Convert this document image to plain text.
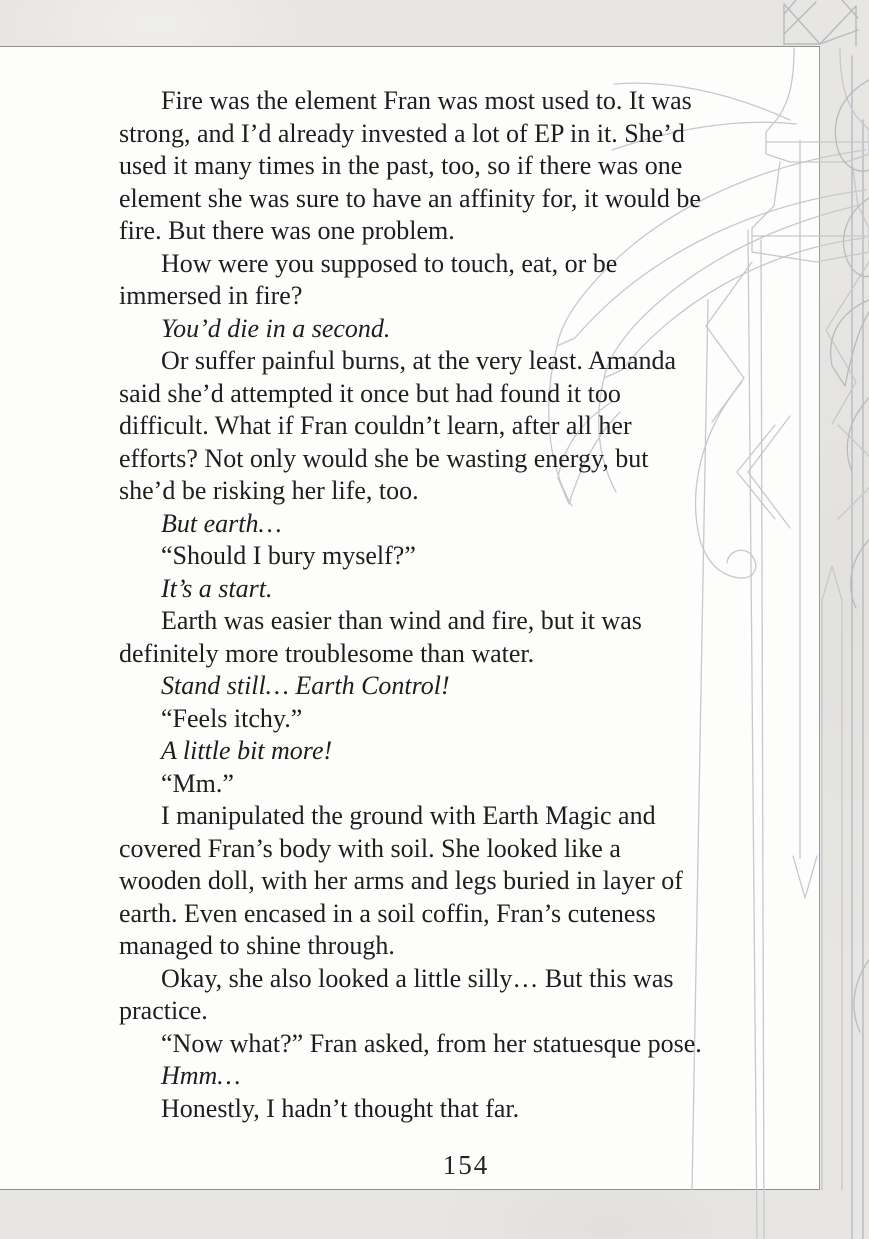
Fire was the element Fran was most used to. It was
strong, and I’d already invested a lot of EP in it. She’d
used it many times in the past, too, so if there was one
element she was sure to have an affinity for, it would be
fire. But there was one problem.

How were you supposed to touch, eat, or be
immersed in fire?

You’d die in a second.

Or suffer painful burns, at the very least. Amanda
said she’d attempted it once but had found it too
difficult. What if Fran couldn’t learn, after all her
efforts? Not only would she be wasting energy, but
she’d be risking her life, too.

But earth…

“Should I bury myself?”

It’s a start.

Earth was easier than wind and fire, but it was
definitely more troublesome than water.

Stand still… Earth Control!

“Feels itchy.”

A little bit more!

“Mm.”

I manipulated the ground with Earth Magic and
covered Fran’s body with soil. She looked like a
wooden doll, with her arms and legs buried in layer of
earth. Even encased in a soil coffin, Fran’s cuteness
managed to shine through.

Okay, she also looked a little silly… But this was
practice.

“Now what?” Fran asked, from her statuesque pose.

Hmm…

Honestly, I hadn’t thought that far.

154
